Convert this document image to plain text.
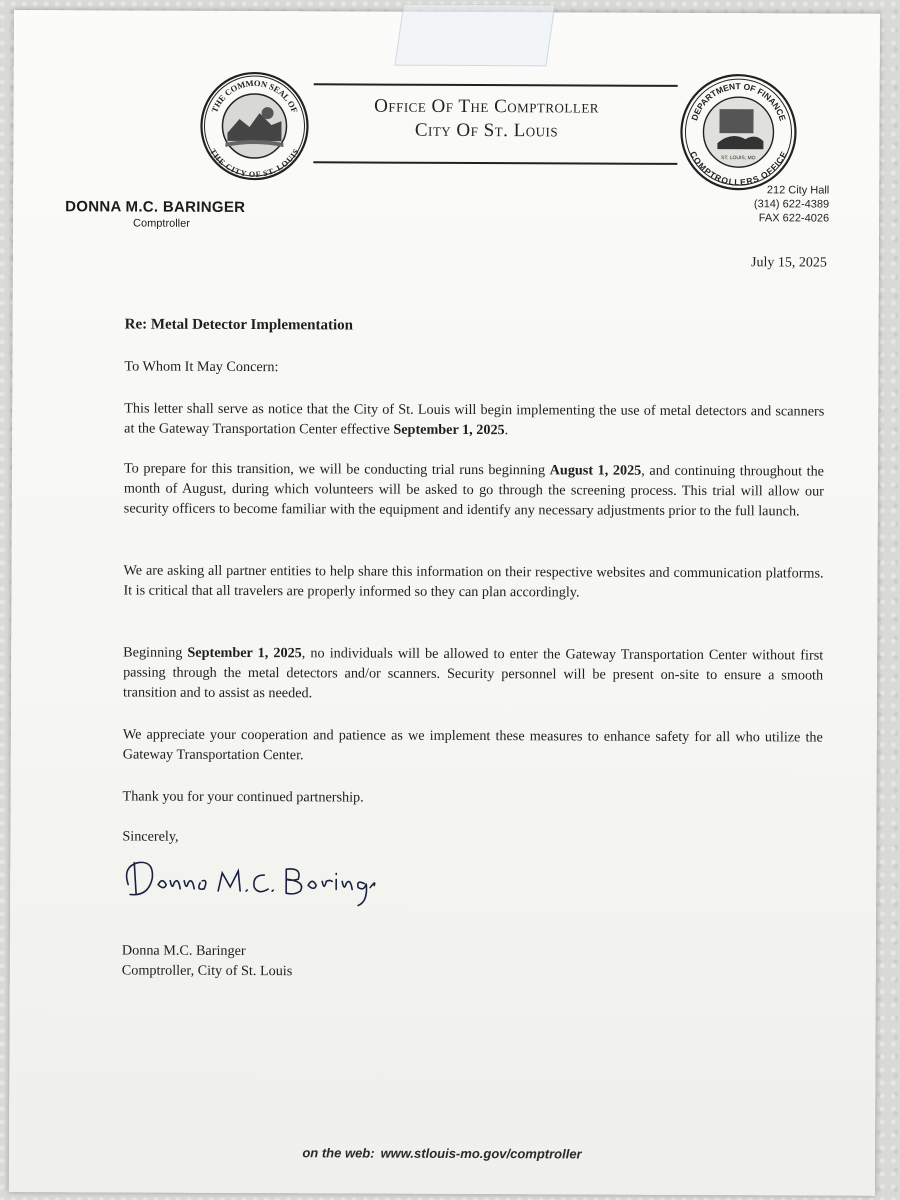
THE COMMON SEAL OF
THE CITY OF ST. LOUIS
Office Of The Comptroller
City Of St. Louis
DEPARTMENT OF FINANCE
COMPTROLLERS OFFICE
ST. LOUIS, MO
DONNA M.C. BARINGER
Comptroller
212 City Hall
(314) 622-4389
FAX 622-4026
July 15, 2025
Re: Metal Detector Implementation
To Whom It May Concern:
This letter shall serve as notice that the City of St. Louis will begin implementing the use of metal detectors and scanners at the Gateway Transportation Center effective September 1, 2025.
To prepare for this transition, we will be conducting trial runs beginning August 1, 2025, and continuing throughout the month of August, during which volunteers will be asked to go through the screening process. This trial will allow our security officers to become familiar with the equipment and identify any necessary adjustments prior to the full launch.
We are asking all partner entities to help share this information on their respective websites and communication platforms. It is critical that all travelers are properly informed so they can plan accordingly.
Beginning September 1, 2025, no individuals will be allowed to enter the Gateway Transportation Center without first passing through the metal detectors and/or scanners. Security personnel will be present on-site to ensure a smooth transition and to assist as needed.
We appreciate your cooperation and patience as we implement these measures to enhance safety for all who utilize the Gateway Transportation Center.
Thank you for your continued partnership.
Sincerely,
Donna M.C. Baringer
Comptroller, City of St. Louis
on the web: www.stlouis-mo.gov/comptroller
